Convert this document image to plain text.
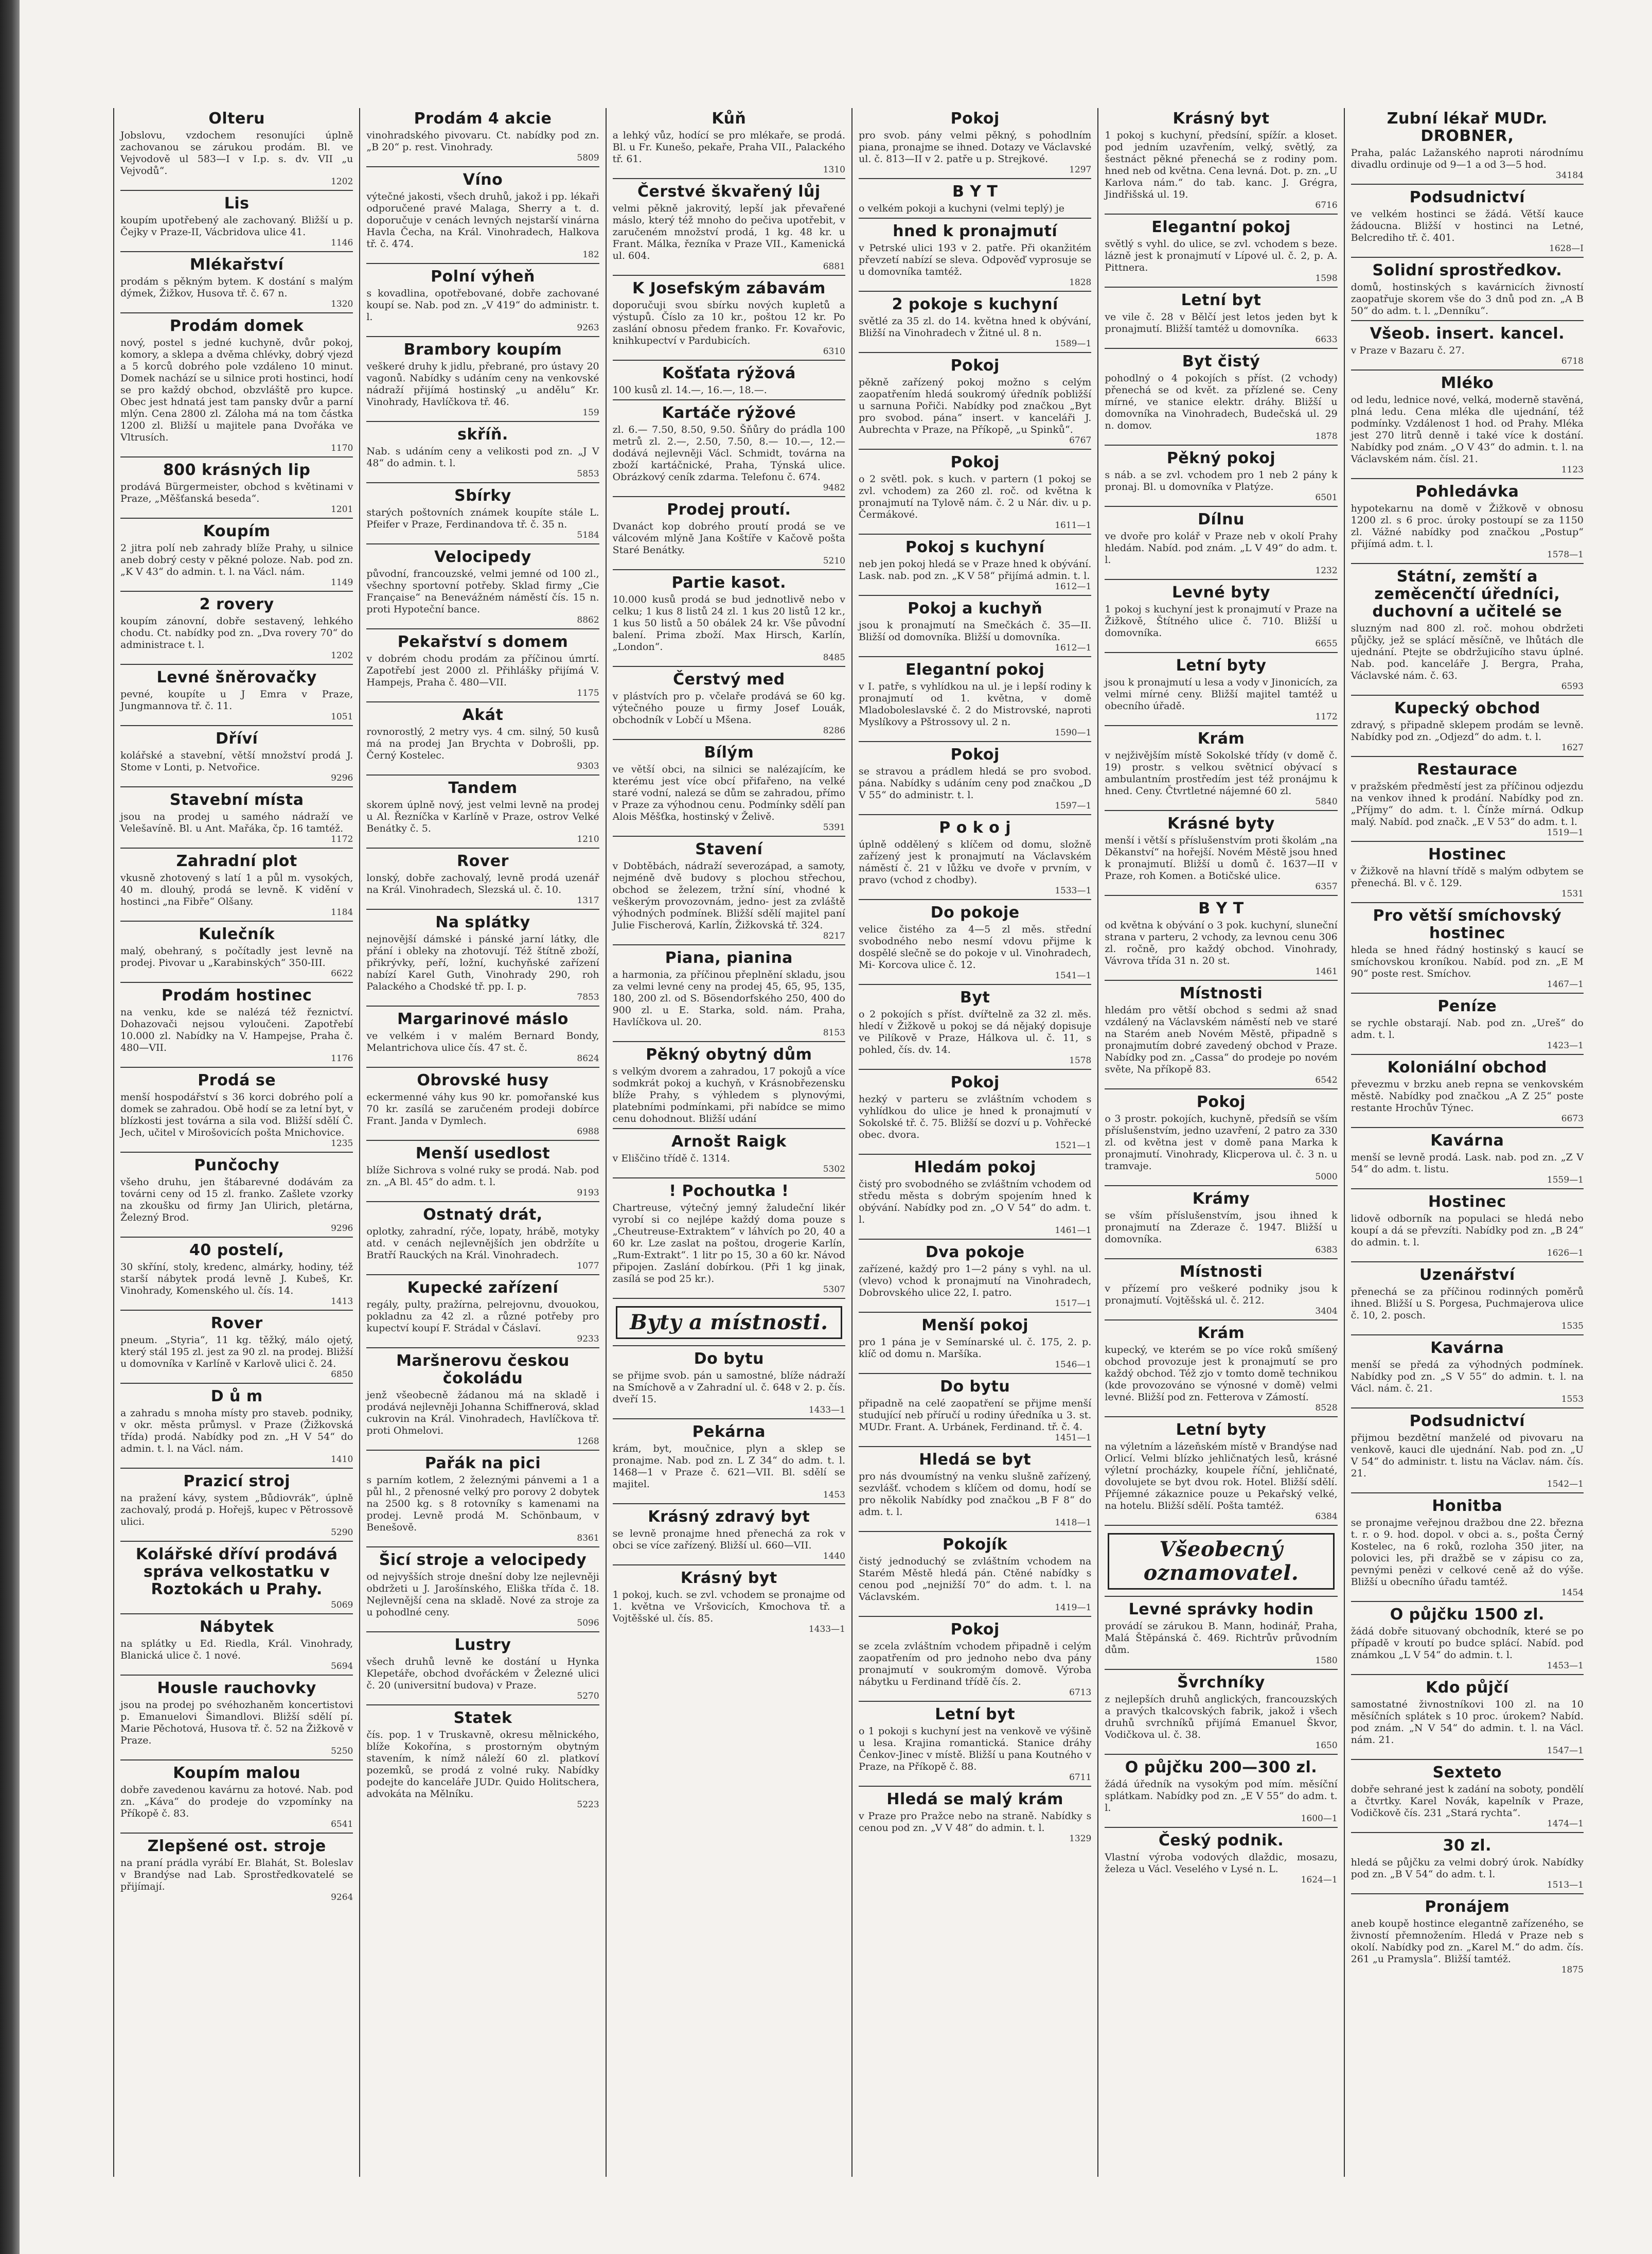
Olteru

Jobslovu, vzdochem resonujíci úplně zachovanou se zárukou prodám. Bl. ve Vejvodově ul 583—I v I.p. s. dv. VII „u Vejvodů“.

1202
Lis

koupím upotřebený ale zachovaný. Bližší u p. Čejky v Praze-II, Vácbridova ulice 41.

1146
Mlékařství

prodám s pěkným bytem. K dostání s malým dýmek, Žižkov, Husova tř. č. 67 n.

1320
Prodám domek

nový, postel s jedné kuchyně, dvůr pokoj, komory, a sklepa a dvěma chlévky, dobrý vjezd a 5 korců dobrého pole vzdáleno 10 minut. Domek nachází se u silnice proti hostinci, hodí se pro každý obchod, obzvláště pro kupce. Obec jest hdnatá jest tam pansky dvůr a parní mlýn. Cena 2800 zl. Záloha má na tom částka 1200 zl. Bližší u majitele pana Dvořáka ve Vltrusích.

1170
800 krásných lip

prodává Bürgermeister, obchod s květinami v Praze, „Měšťanská beseda“.

1201
Koupím

2 jitra polí neb zahrady blíže Prahy, u silnice aneb dobrý cesty v pěkné poloze. Nab. pod zn. „K V 43“ do admin. t. l. na Václ. nám.

1149
2 rovery

koupím zánovní, dobře sestavený, lehkého chodu. Ct. nabídky pod zn. „Dva rovery 70“ do administrace t. l.

1202
Levné šněrovačky

pevné, koupíte u J Emra v Praze, Jungmannova tř. č. 11.

1051
Dříví

kolářské a stavební, větší množství prodá J. Stome v Lonti, p. Netvořice.

9296
Stavební místa

jsou na prodej u samého nádraží ve Velešavíně. Bl. u Ant. Mařáka, čp. 16 tamtéž.

1172
Zahradní plot

vkusně zhotovený s latí 1 a půl m. vysokých, 40 m. dlouhý, prodá se levně. K vidění v hostinci „na Fibře“ Olšany.

1184
Kulečník

malý, obehraný, s počítadly jest levně na prodej. Pivovar u „Karabinských“ 350-III.

6622
Prodám hostinec

na venku, kde se nalézá též řeznictví. Dohazovači nejsou vyloučeni. Zapotřebí 10.000 zl. Nabídky na V. Hampejse, Praha č. 480—VII.

1176
Prodá se

menší hospodářství s 36 korci dobrého polí a domek se zahradou. Obě hodí se za letní byt, v blízkosti jest továrna a sila vod. Bližší sdělí Č. Jech, učitel v Mirošovicích pošta Mnichovice.

1235
Punčochy

všeho druhu, jen štábarevné dodávám za továrni ceny od 15 zl. franko. Zašlete vzorky na zkoušku od firmy Jan Ulirich, pletárna, Železný Brod.

9296
40 postelí,

30 skříní, stoly, kredenc, almárky, hodiny, též starší nábytek prodá levně J. Kubeš, Kr. Vinohrady, Komenského ul. čís. 14.

1413
Rover

pneum. „Styria“, 11 kg. těžký, málo ojetý, který stál 195 zl. jest za 90 zl. na prodej. Bližší u domovníka v Karlíně v Karlově ulici č. 24.

6850
D ů m

a zahradu s mnoha místy pro staveb. podniky, v okr. města průmysl. v Praze (Žižkovská třída) prodá. Nabídky pod zn. „H V 54“ do admin. t. l. na Václ. nám.

1410
Prazicí stroj

na pražení kávy, system „Bůdiovrák“, úplně zachovalý, prodá p. Hořejš, kupec v Pětrossově ulici.

5290
Kolářské dříví prodává správa velkostatku v Roztokách u Prahy.
5069
Nábytek

na splátky u Ed. Riedla, Král. Vinohrady, Blanická ulice č. 1 nové.

5694
Housle rauchovky

jsou na prodej po svéhozhaněm koncertistovi p. Emanuelovi Šimandlovi. Bližší sdělí pí. Marie Pěchotová, Husova tř. č. 52 na Žižkově v Praze.

5250
Koupím malou

dobře zavedenou kavárnu za hotové. Nab. pod zn. „Káva“ do prodeje do vzpomínky na Příkopě č. 83.

6541
Zlepšené ost. stroje

na praní prádla vyrábí Er. Blahát, St. Boleslav v Brandýse nad Lab. Sprostředkovatelé se přijímají.

9264
Prodám 4 akcie

vinohradského pivovaru. Ct. nabídky pod zn. „B 20“ p. rest. Vinohrady.

5809
Víno

výtečné jakosti, všech druhů, jakož i pp. lékaři odporučené pravé Malaga, Sherry a t. d. doporučuje v cenách levných nejstarší vinárna Havla Čecha, na Král. Vinohradech, Halkova tř. č. 474.

182
Polní výheň

s kovadlina, opotřebované, dobře zachované koupí se. Nab. pod zn. „V 419“ do administr. t. l.

9263
Brambory koupím

veškeré druhy k jidlu, přebrané, pro ústavy 20 vagonů. Nabídky s udáním ceny na venkovské nádraží přijímá hostinský „u andělu“ Kr. Vinohrady, Havlíčkova tř. 46.

159
skříň.

Nab. s udáním ceny a velikosti pod zn. „J V 48“ do admin. t. l.

5853
Sbírky

starých poštovních známek koupíte stále L. Pfeifer v Praze, Ferdinandova tř. č. 35 n.

5184
Velocipedy

původní, francouzské, velmi jemné od 100 zl., všechny sportovní potřeby. Sklad firmy „Cie Française“ na Benevážném náměstí čís. 15 n. proti Hypoteční bance.

8862
Pekařství s domem

v dobrém chodu prodám za příčinou úmrtí. Zapotřebí jest 2000 zl. Přihlášky přijímá V. Hampejs, Praha č. 480—VII.

1175
Akát

rovnorostlý, 2 metry vys. 4 cm. silný, 50 kusů má na prodej Jan Brychta v Dobrošli, pp. Černý Kostelec.

9303
Tandem

skorem úplně nový, jest velmi levně na prodej u Al. Řezníčka v Karlíně v Praze, ostrov Velké Benátky č. 5.

1210
Rover

lonský, dobře zachovalý, levně prodá uzenář na Král. Vinohradech, Slezská ul. č. 10.

1317
Na splátky

nejnovější dámské i pánské jarní látky, dle přání i obleky na zhotovují. Též štítně zboží, přikrývky, peří, ložní, kuchyňské zařízení nabízí Karel Guth, Vinohrady 290, roh Palackého a Chodské tř. pp. I. p.

7853
Margarinové máslo

ve velkém i v malém Bernard Bondy, Melantrichova ulice čís. 47 st. č.

8624
Obrovské husy

eckermenné váhy kus 90 kr. pomořanské kus 70 kr. zasílá se zaručeném prodeji dobírce Frant. Janda v Dymlech.

6988
Menší usedlost

blíže Sichrova s volné ruky se prodá. Nab. pod zn. „A Bl. 45“ do adm. t. l.

9193
Ostnatý drát,

oplotky, zahradní, rýče, lopaty, hrábě, motyky atd. v cenách nejlevnějších jen obdržíte u Bratří Rauckých na Král. Vinohradech.

1077
Kupecké zařízení

regály, pulty, pražírna, pelrejovnu, dvouokou, pokladnu za 42 zl. a různé potřeby pro kupectví koupí F. Strádal v Čáslaví.

9233
Maršnerovu českou čokoládu

jenž všeobecně žádanou má na skladě i prodává nejlevněji Johanna Schiffnerová, sklad cukrovin na Král. Vinohradech, Havlíčkova tř. proti Ohmelovi.

1268
Pařák na pici

s parním kotlem, 2 železnými pánvemi a 1 a půl hl., 2 přenosné velký pro porovy 2 dobytek na 2500 kg. s 8 rotovníky s kamenami na prodej. Levně prodá M. Schönbaum, v Benešově.

8361
Šicí stroje a velocipedy

od nejvyšších stroje dnešní doby lze nejlevněji obdržeti u J. Jarošínského, Eliška třída č. 18. Nejlevnější cena na skladě. Nové za stroje za u pohodlné ceny.

5096
Lustry

všech druhů levně ke dostání u Hynka Klepetáře, obchod dvořáckém v Železné ulici č. 20 (universitní budova) v Praze.

5270
Statek

čís. pop. 1 v Truskavně, okresu mělnického, blíže Kokořína, s prostorným obytným stavením, k nímž náleží 60 zl. platkoví pozemků, se prodá z volné ruky. Nabídky podejte do kanceláře JUDr. Quido Holitschera, advokáta na Mělníku.

5223
Kůň

a lehký vůz, hodící se pro mlékaře, se prodá. Bl. u Fr. Kunešo, pekaře, Praha VII., Palackého tř. 61.

1310
Čerstvé škvařený lůj

velmi pěkně jakrovitý, lepší jak převařené máslo, který též mnoho do pečiva upotřebit, v zaručeném množství prodá, 1 kg. 48 kr. u Frant. Málka, řezníka v Praze VII., Kamenická ul. 604.

6881
K Josefským zábavám

doporučuji svou sbírku nových kupletů a výstupů. Číslo za 10 kr., poštou 12 kr. Po zaslání obnosu předem franko. Fr. Kovařovic, knihkupectví v Pardubicích.

6310
Košťata rýžová

100 kusů zl. 14.—, 16.—, 18.—.

Kartáče rýžové

zl. 6.— 7.50, 8.50, 9.50. Šňůry do prádla 100 metrů zl. 2.—, 2.50, 7.50, 8.— 10.—, 12.— dodává nejlevněji Václ. Schmidt, továrna na zboží kartáčnické, Praha, Týnská ulice. Obrázkový ceník zdarma. Telefonu č. 674.

9482
Prodej proutí.

Dvanáct kop dobrého proutí prodá se ve válcovém mlýně Jana Koštíře v Kačově pošta Staré Benátky.

5210
Partie kasot.

10.000 kusů prodá se bud jednotlivě nebo v celku; 1 kus 8 listů 24 zl. 1 kus 20 listů 12 kr., 1 kus 50 listů a 50 obálek 24 kr. Vše původní balení. Prima zboží. Max Hirsch, Karlín, „London“.

8485
Čerstvý med

v plástvích pro p. včelaře prodává se 60 kg. výtečného pouze u firmy Josef Louák, obchodník v Lobčí u Mšena.

8286
Bílým

ve větší obci, na silnici se nalézajícím, ke kterému jest více obcí přifařeno, na velké staré vodní, nalezá se dům se zahradou, přímo v Praze za výhodnou cenu. Podmínky sdělí pan Alois Měšťka, hostinský v Želivě.

5391
Stavení

v Dobtěbách, nádraží severozápad, a samoty, nejméně dvě budovy s plochou střechou, obchod se železem, tržní síní, vhodné k veškerým provozovnám, jedno- jest za zvláště výhodných podmínek. Bližší sdělí majitel paní Julie Fischerová, Karlín, Žižkovská tř. 324.

8217
Piana, pianina

a harmonia, za příčinou přeplnění skladu, jsou za velmi levné ceny na prodej 45, 65, 95, 135, 180, 200 zl. od S. Bösendorfského 250, 400 do 900 zl. u E. Starka, sold. nám. Praha, Havlíčkova ul. 20.

8153
Pěkný obytný dům

s velkým dvorem a zahradou, 17 pokojů a více sodmkrát pokoj a kuchyň, v Krásnobřezensku blíže Prahy, s výhledem s plynovými, platebními podmínkami, při nabídce se mimo cenu dohodnout. Bližší udání

Arnošt Raigk

v Eliščino třídě č. 1314.

5302
! Pochoutka !

Chartreuse, výtečný jemný žaludeční likér vyrobí si co nejlépe každý doma pouze s „Cheutreuse-Extraktem“ v láhvích po 20, 40 a 60 kr. Lze zaslat na poštou, drogerie Karlín, „Rum-Extrakt“. 1 litr po 15, 30 a 60 kr. Návod připojen. Zaslání dobírkou. (Při 1 kg jinak, zasílá se pod 25 kr.).

5307
Byty a místnosti.
Do bytu

se přijme svob. pán u samostné, blíže nádraží na Smíchově a v Zahradní ul. č. 648 v 2. p. čís. dveří 15.

1433—1
Pekárna

krám, byt, moučnice, plyn a sklep se pronajme. Nab. pod zn. L Z 34“ do adm. t. l. 1468—1 v Praze č. 621—VII. Bl. sdělí se majitel.

1453
Krásný zdravý byt

se levně pronajme hned přenechá za rok v obci se více zařízený. Bližší ul. 660—VII.

1440
Krásný byt

1 pokoj, kuch. se zvl. vchodem se pronajme od 1. května ve Vršovicích, Kmochova tř. a Vojtěšské ul. čís. 85.

1433—1
Pokoj

pro svob. pány velmi pěkný, s pohodlním piana, pronajme se ihned. Dotazy ve Václavské ul. č. 813—II v 2. patře u p. Strejkové.

1297
B Y T

o velkém pokoji a kuchyni (velmi teplý) je

hned k pronajmutí

v Petrské ulici 193 v 2. patře. Při okanžitém převzetí nabízí se sleva. Odpověď vyprosuje se u domovníka tamtéž.

1828
2 pokoje s kuchyní

světlé za 35 zl. do 14. května hned k obývání, Bližší na Vinohradech v Žitné ul. 8 n.

1589—1
Pokoj

pěkně zařízený pokoj možno s celým zaopatřením hledá soukromý úředník pobližší u sarnuna Pořiči. Nabídky pod značkou „Byt pro svobod. pána“ insert. v kanceláři J. Aubrechta v Praze, na Příkopě, „u Spinků“.

6767
Pokoj

o 2 světl. pok. s kuch. v partern (1 pokoj se zvl. vchodem) za 260 zl. roč. od května k pronajmutí na Tylově nám. č. 2 u Nár. div. u p. Čermákové.

1611—1
Pokoj s kuchyní

neb jen pokoj hledá se v Praze hned k obývání. Lask. nab. pod zn. „K V 58“ přijímá admin. t. l.

1612—1
Pokoj a kuchyň

jsou k pronajmutí na Smečkách č. 35—II. Bližší od domovníka. Bližší u domovníka.

1612—1
Elegantní pokoj

v I. patře, s vyhlídkou na ul. je i lepší rodiny k pronajmutí od 1. května, v domě Mladoboleslavské č. 2 do Mistrovské, naproti Myslíkovy a Pštrossovy ul. 2 n.

1590—1
Pokoj

se stravou a prádlem hledá se pro svobod. pána. Nabídky s udáním ceny pod značkou „D V 55“ do administr. t. l.

1597—1
P o k o j

úplně oddělený s klíčem od domu, složně zařízený jest k pronajmutí na Václavském náměstí č. 21 v lůžku ve dvoře v prvním, v pravo (vchod z chodby).

1533—1
Do pokoje

velice čistého za 4—5 zl měs. střední svobodného nebo nesmí vdovu přijme k dospělé slečně se do pokoje v ul. Vinohradech, Mi- Korcova ulice č. 12.

1541—1
Byt

o 2 pokojích s příst. dvířtelně za 32 zl. měs. hledí v Žižkově u pokoj se dá nějaký dopisuje ve Pilíkově v Praze, Hálkova ul. č. 11, s pohled, čís. dv. 14.

1578
Pokoj

hezký v parteru se zvláštním vchodem s vyhlídkou do ulice je hned k pronajmutí v Sokolské tř. č. 75. Bližší se dozví u p. Vohřecké obec. dvora.

1521—1
Hledám pokoj

čistý pro svobodného se zvláštním vchodem od středu města s dobrým spojením hned k obývání. Nabídky pod zn. „O V 54“ do adm. t. l.

1461—1
Dva pokoje

zařízené, každý pro 1—2 pány s vyhl. na ul. (vlevo) vchod k pronajmutí na Vinohradech, Dobrovského ulice 22, I. patro.

1517—1
Menší pokoj

pro 1 pána je v Semínarské ul. č. 175, 2. p. klíč od domu n. Maršíka.

1546—1
Do bytu

připadně na celé zaopatření se přijme menší studující neb příručí u rodiny úředníka u 3. st. MUDr. Frant. A. Urbánek, Ferdinand. tř. č. 4.

1451—1
Hledá se byt

pro nás dvoumístný na venku slušně zařízený, sezvlášť. vchodem s klíčem od domu, hodí se pro několik Nabídky pod značkou „B F 8“ do adm. t. l.

1418—1
Pokojík

čistý jednoduchý se zvláštním vchodem na Starém Městě hledá pán. Ctěné nabídky s cenou pod „nejnižší 70“ do adm. t. l. na Václavském.

1419—1
Pokoj

se zcela zvláštním vchodem připadně i celým zaopatřením od pro jednoho nebo dva pány pronajmutí v soukromým domově. Výroba nábytku u Ferdinand třídě čís. 2.

6713
Letní byt

o 1 pokoji s kuchyní jest na venkově ve výšině u lesa. Krajina romantická. Stanice dráhy Čenkov-Jinec v místě. Bližší u pana Koutného v Praze, na Příkopě č. 88.

6711
Hledá se malý krám

v Praze pro Pražce nebo na straně. Nabídky s cenou pod zn. „V V 48“ do admin. t. l.

1329
Krásný byt

1 pokoj s kuchyní, předsíní, spížír. a kloset. pod jedním uzavřením, velký, světlý, za šestnáct pěkné přenechá se z rodiny pom. hned neb od května. Cena levná. Dot. p. zn. „U Karlova nám.“ do tab. kanc. J. Grégra, Jindřišská ul. 19.

6716
Elegantní pokoj

světlý s vyhl. do ulice, se zvl. vchodem s beze. lázně jest k pronajmutí v Lípové ul. č. 2, p. A. Pittnera.

1598
Letní byt

ve vile č. 28 v Bělčí jest letos jeden byt k pronajmutí. Bližší tamtéž u domovníka.

6633
Byt čistý

pohodlný o 4 pokojích s příst. (2 vchody) přenechá se od květ. za přízlené se. Ceny mírné, ve stanice elektr. dráhy. Bližší u domovníka na Vinohradech, Budečská ul. 29 n. domov.

1878
Pěkný pokoj

s náb. a se zvl. vchodem pro 1 neb 2 pány k pronaj. Bl. u domovníka v Platýze.

6501
Dílnu

ve dvoře pro kolář v Praze neb v okolí Prahy hledám. Nabíd. pod znám. „L V 49“ do adm. t. l.

1232
Levné byty

1 pokoj s kuchyní jest k pronajmutí v Praze na Žižkově, Štítného ulice č. 710. Bližší u domovníka.

6655
Letní byty

jsou k pronajmutí u lesa a vody v Jinonicích, za velmi mírné ceny. Bližší majitel tamtéž u obecního úřadě.

1172
Krám

v nejživějším místě Sokolské třídy (v domě č. 19) prostr. s velkou světnicí obývací s ambulantním prostředím jest též pronájmu k hned. Ceny. Čtvrtletné nájemné 60 zl.

5840
Krásné byty

menší i větší s příslušenstvím proti školám „na Děkanství“ na hořejší. Novém Městě jsou hned k pronajmutí. Bližší u domů č. 1637—II v Praze, roh Komen. a Botičské ulice.

6357
B Y T

od května k obývání o 3 pok. kuchyní, sluneční strana v parteru, 2 vchody, za levnou cenu 306 zl. ročně, pro každý obchod. Vinohrady, Vávrova třída 31 n. 20 st.

1461
Místnosti

hledám pro větší obchod s sedmi až snad vzdálený na Václavském náměstí neb ve staré na Starém aneb Novém Městě, připadně s pronajmutím dobré zavedený obchod v Praze. Nabídky pod zn. „Cassa“ do prodeje po novém světe, Na příkopě 83.

6542
Pokoj

o 3 prostr. pokojích, kuchyně, předsíň se vším příslušenstvím, jedno uzavření, 2 patro za 330 zl. od května jest v domě pana Marka k pronajmutí. Vinohrady, Klicperova ul. č. 3 n. u tramvaje.

5000
Krámy

se vším příslušenstvím, jsou ihned k pronajmutí na Zderaze č. 1947. Bližší u domovníka.

6383
Místnosti

v přízemí pro veškeré podniky jsou k pronajmutí. Vojtěšská ul. č. 212.

3404
Krám

kupecký, ve kterém se po více roků smíšený obchod provozuje jest k pronajmutí se pro každý obchod. Též zjo v tomto domě technikou (kde provozováno se výnosné v domě) velmi levné. Bližší pod zn. Fetterova v Zámostí.

8528
Letní byty

na výletním a lázeňském místě v Brandýse nad Orlicí. Velmi blízko jehličnatých lesů, krásné výletní procházky, koupele říční, jehličnaté, dovolujete se byt dvou rok. Hotel. Bližší sdělí. Příjemné zákaznice pouze u Pekařský velké, na hotelu. Bližší sdělí. Pošta tamtéž.

6384
Všeobecný oznamovatel.
Levné správky hodin

provádí se zárukou B. Mann, hodinář, Praha, Malá Štěpánská č. 469. Richtrův průvodním dům.

1580
Švrchníky

z nejlepších druhů anglických, francouzských a pravých tkalcovských fabrik, jakož i všech druhů svrchníků přijímá Emanuel Škvor, Vodičkova ul. č. 38.

1650
O půjčku 200—300 zl.

žádá úředník na vysokým pod mím. měsíční splátkam. Nabídky pod zn. „E V 55“ do adm. t. l.

1600—1
Český podnik.

Vlastní výroba vodových dlaždic, mosazu, železa u Václ. Veselého v Lysé n. L.

1624—1
Zubní lékař MUDr. DROBNER,

Praha, palác Lažanského naproti národnímu divadlu ordinuje od 9—1 a od 3—5 hod.

34184
Podsudnictví

ve velkém hostinci se žádá. Větší kauce žádoucna. Bližší v hostinci na Letné, Belcrediho tř. č. 401.

1628—I
Solidní sprostředkov.

domů, hostinských s kavárnicích živností zaopatřuje skorem vše do 3 dnů pod zn. „A B 50“ do adm. t. l. „Denníku“.

Všeob. insert. kancel.

v Praze v Bazaru č. 27.

6718
Mléko

od ledu, lednice nové, velká, moderně stavěná, plná ledu. Cena mléka dle ujednání, též podmínky. Vzdálenost 1 hod. od Prahy. Mléka jest 270 litrů denně i také více k dostání. Nabídky pod znám. „O V 43“ do admin. t. l. na Václavském nám. čísl. 21.

1123
Pohledávka

hypotekarnu na domě v Žižkově v obnosu 1200 zl. s 6 proc. úroky postoupí se za 1150 zl. Vážné nabídky pod značkou „Postup“ přijímá adm. t. l.

1578—1
Státní, zemští a zeměcenčtí úředníci, duchovní a učitelé se

sluzným nad 800 zl. roč. mohou obdržeti půjčky, jež se splácí měsíčně, ve lhůtách dle ujednání. Ptejte se obdržujicího stavu úplné. Nab. pod. kanceláře J. Bergra, Praha, Václavské nám. č. 63.

6593
Kupecký obchod

zdravý, s připadně sklepem prodám se levně. Nabídky pod zn. „Odjezd“ do adm. t. l.

1627
Restaurace

v pražském předměstí jest za příčinou odjezdu na venkov ihned k prodání. Nabídky pod zn. „Příjmy“ do adm. t. l. Čínže mírná. Odkup malý. Nabíd. pod značk. „E V 53“ do adm. t. l.

1519—1
Hostinec

v Žižkově na hlavní třídě s malým odbytem se přenechá. Bl. v č. 129.

1531
Pro větší smíchovský hostinec

hleda se hned řádný hostinský s kaucí se smíchovskou kroníkou. Nabíd. pod zn. „E M 90“ poste rest. Smíchov.

1467—1
Peníze

se rychle obstarají. Nab. pod zn. „Ureš“ do adm. t. l.

1423—1
Koloniální obchod

převezmu v brzku aneb repna se venkovském městě. Nabídky pod značkou „A Z 25“ poste restante Hrochův Týnec.

6673
Kavárna

menší se levně prodá. Lask. nab. pod zn. „Z V 54“ do adm. t. listu.

1559—1
Hostinec

lidově odborník na populaci se hledá nebo koupí a dá se převzíti. Nabídky pod zn. „B 24“ do admin. t. l.

1626—1
Uzenářství

přenechá se za příčinou rodinných poměrů ihned. Bližší u S. Porgesa, Puchmajerova ulice č. 10, 2. posch.

1535
Kavárna

menší se předá za výhodných podmínek. Nabídky pod zn. „S V 55“ do admin. t. l. na Václ. nám. č. 21.

1553
Podsudnictví

přijmou bezdětní manželé od pivovaru na venkově, kauci dle ujednání. Nab. pod zn. „U V 54“ do administr. t. listu na Václav. nám. čís. 21.

1542—1
Honitba

se pronajme veřejnou dražbou dne 22. března t. r. o 9. hod. dopol. v obci a. s., pošta Černý Kostelec, na 6 roků, rozloha 350 jiter, na polovici les, při dražbě se v zápisu co za, pevnými penězi v celkové ceně až do výše. Bližší u obecního úřadu tamtéž.

1454
O půjčku 1500 zl.

žádá dobře situovaný obchodník, které se po případě v kroutí po budce splácí. Nabíd. pod známkou „L V 54“ do admin. t. l.

1453—1
Kdo půjčí

samostatné živnostníkovi 100 zl. na 10 měsíčních splátek s 10 proc. úrokem? Nabíd. pod znám. „N V 54“ do admin. t. l. na Václ. nám. 21.

1547—1
Sexteto

dobře sehrané jest k zadání na soboty, pondělí a čtvrtky. Karel Novák, kapelník v Praze, Vodičkově čís. 231 „Stará rychta“.

1474—1
30 zl.

hledá se půjčku za velmi dobrý úrok. Nabídky pod zn. „B V 54“ do adm. t. l.

1513—1
Pronájem

aneb koupě hostince elegantně zařízeného, se živností přemnožením. Hledá v Praze neb s okolí. Nabídky pod zn. „Karel M.“ do adm. čís. 261 „u Pramysla“. Bližší tamtéž.

1875
